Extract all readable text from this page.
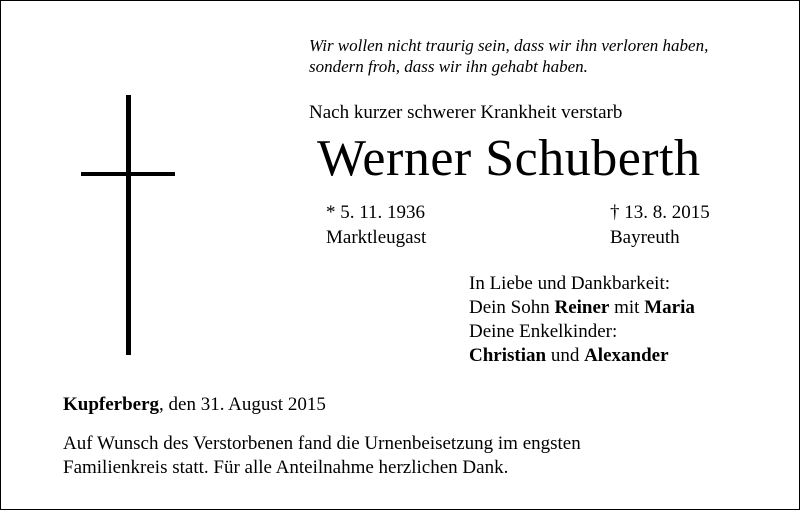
Wir wollen nicht traurig sein, dass wir ihn verloren haben,
sondern froh, dass wir ihn gehabt haben.
Nach kurzer schwerer Krankheit verstarb
Werner Schuberth
* 5. 11. 1936
Marktleugast
† 13. 8. 2015
Bayreuth
In Liebe und Dankbarkeit:
Dein Sohn Reiner mit Maria
Deine Enkelkinder:
Christian und Alexander
Kupferberg, den 31. August 2015
Auf Wunsch des Verstorbenen fand die Urnenbeisetzung im engsten
Familienkreis statt. Für alle Anteilnahme herzlichen Dank.
